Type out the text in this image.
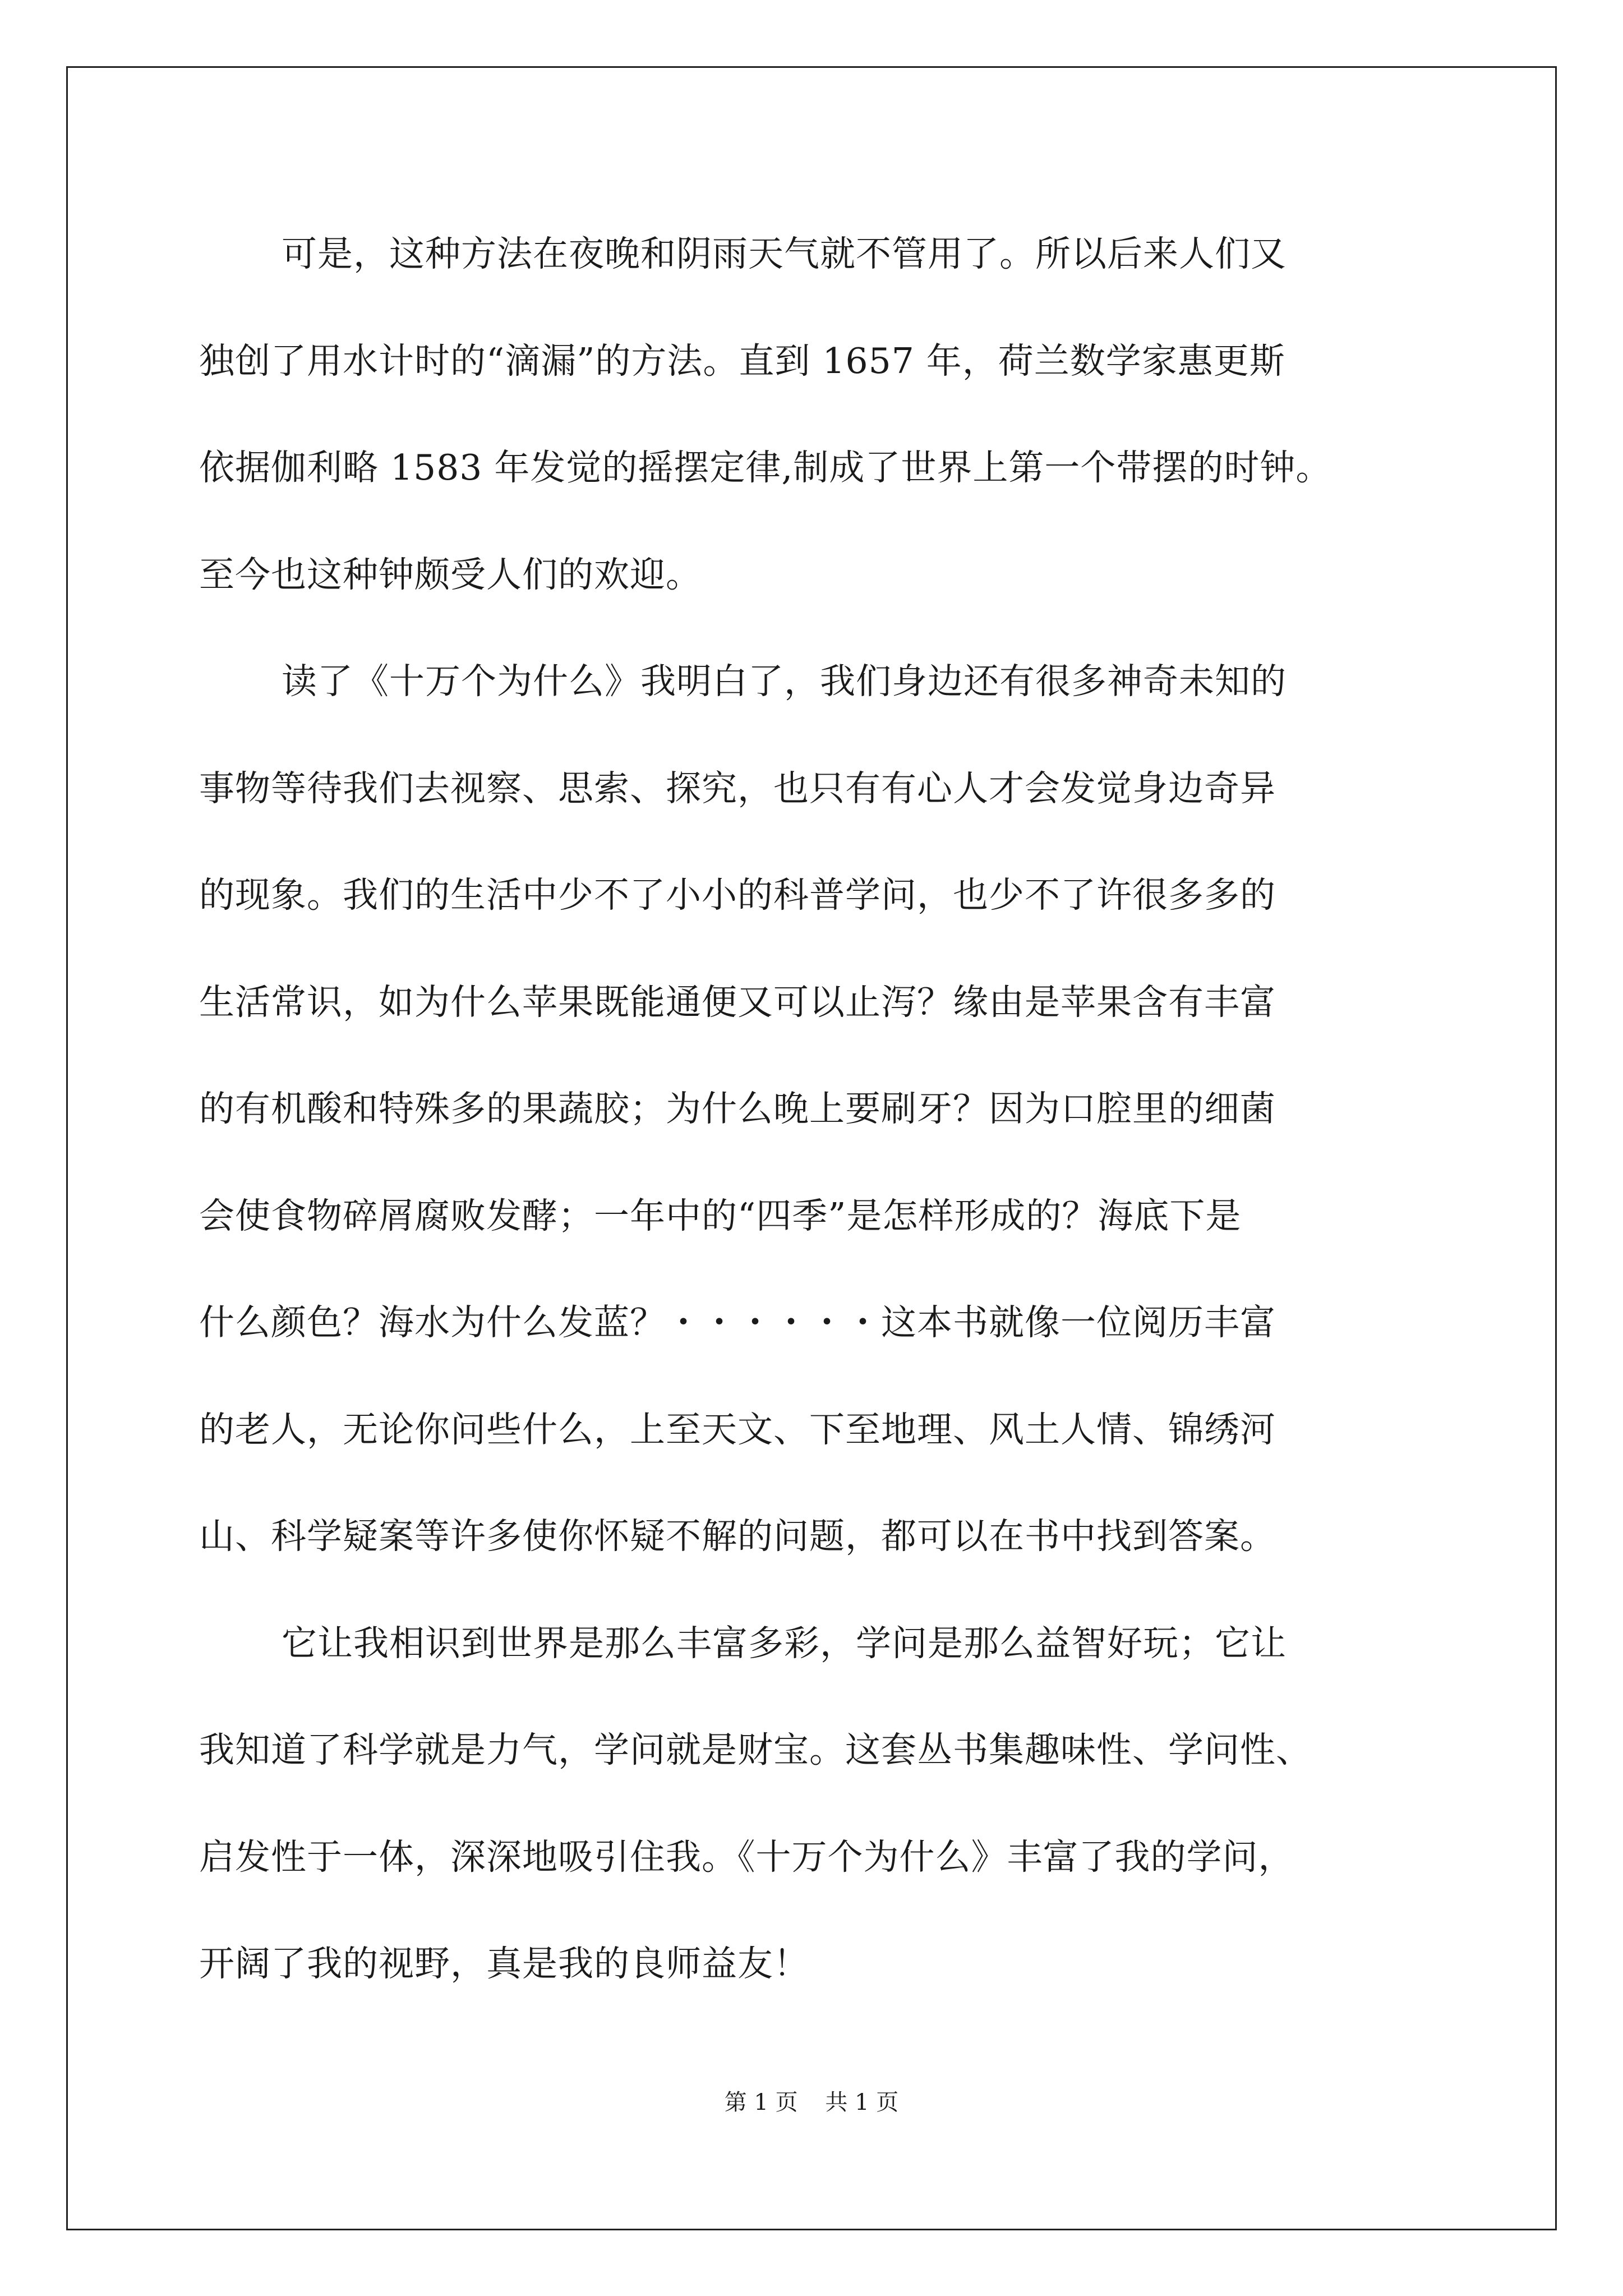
可是，这种方法在夜晚和阴雨天气就不管用了。所以后来人们又
独创了用水计时的“滴漏”的方法。直到 1657 年，荷兰数学家惠更斯
依据伽利略 1583 年发觉的摇摆定律,制成了世界上第一个带摆的时钟。
至今也这种钟颇受人们的欢迎。
读了《十万个为什么》我明白了，我们身边还有很多神奇未知的
事物等待我们去视察、思索、探究，也只有有心人才会发觉身边奇异
的现象。我们的生活中少不了小小的科普学问，也少不了许很多多的
生活常识，如为什么苹果既能通便又可以止泻？缘由是苹果含有丰富
的有机酸和特殊多的果蔬胶；为什么晚上要刷牙？因为口腔里的细菌
会使食物碎屑腐败发酵；一年中的“四季”是怎样形成的？海底下是
什么颜色？海水为什么发蓝？・・・・・・这本书就像一位阅历丰富
的老人，无论你问些什么，上至天文、下至地理、风土人情、锦绣河
山、科学疑案等许多使你怀疑不解的问题，都可以在书中找到答案。
它让我相识到世界是那么丰富多彩，学问是那么益智好玩；它让
我知道了科学就是力气，学问就是财宝。这套丛书集趣味性、学问性、
启发性于一体，深深地吸引住我。《十万个为什么》丰富了我的学问，
开阔了我的视野，真是我的良师益友！
第 1 页 共 1 页
